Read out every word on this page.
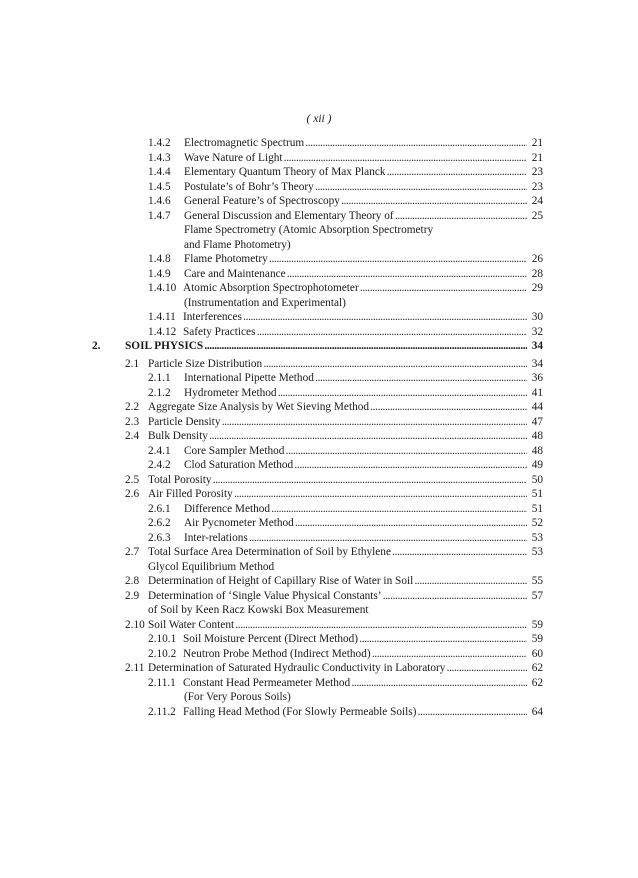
( xii )
1.4.2 Electromagnetic Spectrum . . .	21
1.4.3 Wave Nature of Light . . .	21
1.4.4 Elementary Quantum Theory of Max Planck . . .	23
1.4.5 Postulate’s of Bohr’s Theory . . .	23
1.4.6 General Feature’s of Spectroscopy . . .	24
1.4.7 General Discussion and Elementary Theory of . . .	25
Flame Spectrometry (Atomic Absorption Spectrometry
and Flame Photometry)
1.4.8 Flame Photometry . . .	26
1.4.9 Care and Maintenance . . .	28
1.4.10 Atomic Absorption Spectrophotometer . . .	29
(Instrumentation and Experimental)
1.4.11 Interferences . . .	30
1.4.12 Safety Practices . . .	32
2. SOIL PHYSICS . . .	34
2.1 Particle Size Distribution . . .	34
2.1.1 International Pipette Method . . .	36
2.1.2 Hydrometer Method . . .	41
2.2 Aggregate Size Analysis by Wet Sieving Method . . .	44
2.3 Particle Density . . .	47
2.4 Bulk Density . . .	48
2.4.1 Core Sampler Method . . .	48
2.4.2 Clod Saturation Method . . .	49
2.5 Total Porosity . . .	50
2.6 Air Filled Porosity . . .	51
2.6.1 Difference Method . . .	51
2.6.2 Air Pycnometer Method . . .	52
2.6.3 Inter-relations . . .	53
2.7 Total Surface Area Determination of Soil by Ethylene . . .	53
Glycol Equilibrium Method
2.8 Determination of Height of Capillary Rise of Water in Soil . . .	55
2.9 Determination of ‘Single Value Physical Constants’ . . .	57
of Soil by Keen Racz Kowski Box Measurement
2.10 Soil Water Content . . .	59
2.10.1 Soil Moisture Percent (Direct Method) . . .	59
2.10.2 Neutron Probe Method (Indirect Method) . . .	60
2.11 Determination of Saturated Hydraulic Conductivity in Laboratory . . .	62
2.11.1 Constant Head Permeameter Method . . .	62
(For Very Porous Soils)
2.11.2 Falling Head Method (For Slowly Permeable Soils) . . .	64
